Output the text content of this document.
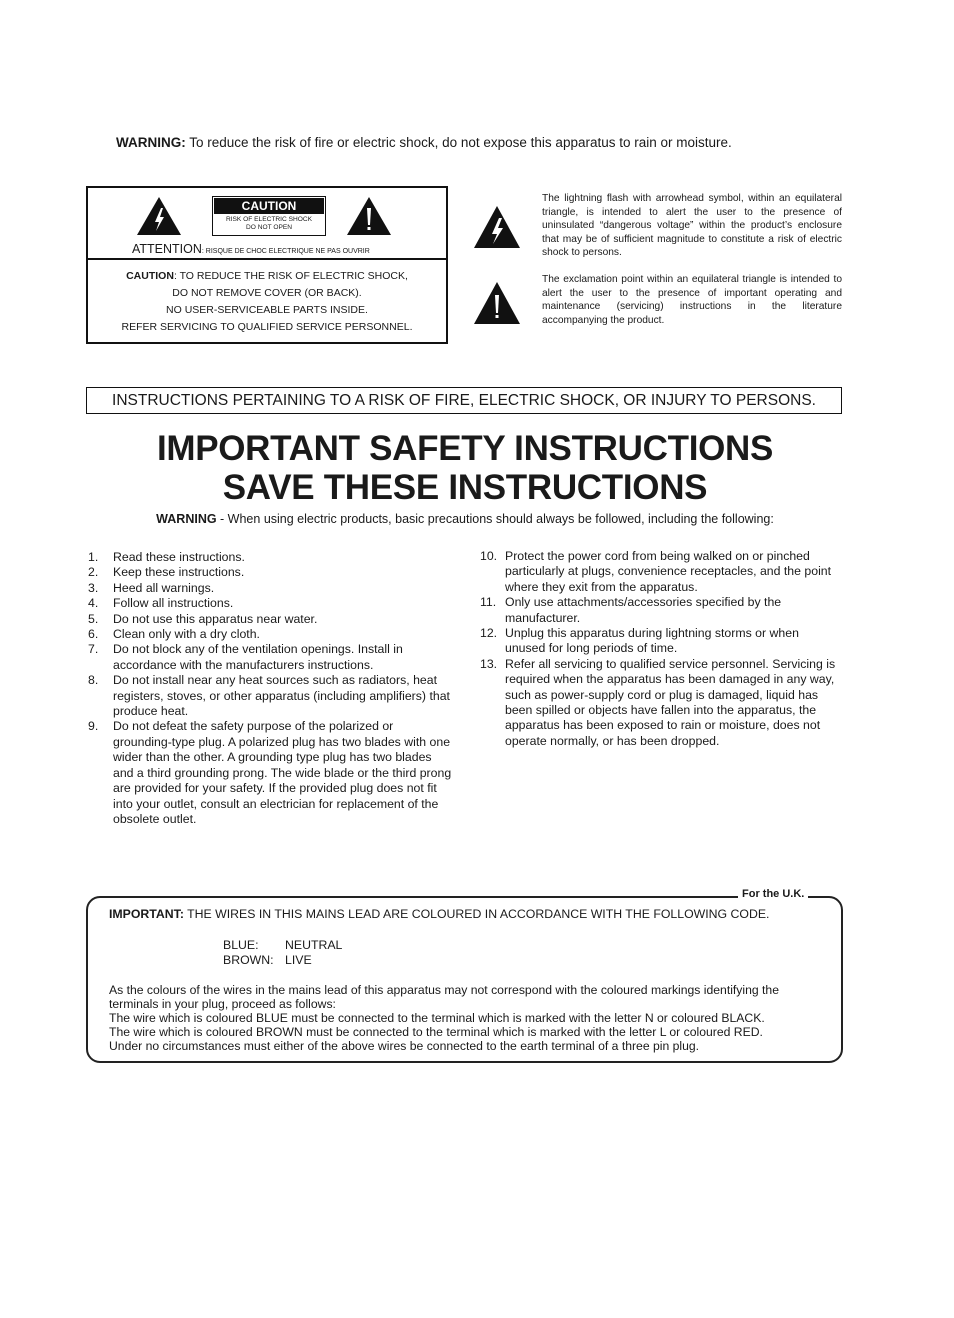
WARNING: To reduce the risk of fire or electric shock, do not expose this apparatus to rain or moisture.
CAUTION
RISK OF ELECTRIC SHOCK
DO NOT OPEN
ATTENTION: RISQUE DE CHOC ELECTRIQUE NE PAS OUVRIR
CAUTION: TO REDUCE THE RISK OF ELECTRIC SHOCK,
DO NOT REMOVE COVER (OR BACK).
NO USER-SERVICEABLE PARTS INSIDE.
REFER SERVICING TO QUALIFIED SERVICE PERSONNEL.
The lightning flash with arrowhead symbol, within an equilateral triangle, is intended to alert the user to the presence of uninsulated “dangerous voltage” within the product’s enclosure that may be of sufficient magnitude to constitute a risk of electric shock to persons.
The exclamation point within an equilateral triangle is intended to alert the user to the presence of important operating and maintenance (servicing) instructions in the literature accompanying the product.
INSTRUCTIONS PERTAINING TO A RISK OF FIRE, ELECTRIC SHOCK, OR INJURY TO PERSONS.
IMPORTANT SAFETY INSTRUCTIONS
SAVE THESE INSTRUCTIONS
WARNING - When using electric products, basic precautions should always be followed, including the following:
1. Read these instructions.
2. Keep these instructions.
3. Heed all warnings.
4. Follow all instructions.
5. Do not use this apparatus near water.
6. Clean only with a dry cloth.
7. Do not block any of the ventilation openings. Install in accordance with the manufacturers instructions.
8. Do not install near any heat sources such as radiators, heat registers, stoves, or other apparatus (including amplifiers) that produce heat.
9. Do not defeat the safety purpose of the polarized or grounding-type plug. A polarized plug has two blades with one wider than the other. A grounding type plug has two blades and a third grounding prong. The wide blade or the third prong are provided for your safety. If the provided plug does not fit into your outlet, consult an electrician for replacement of the obsolete outlet.
10. Protect the power cord from being walked on or pinched particularly at plugs, convenience receptacles, and the point where they exit from the apparatus.
11. Only use attachments/accessories specified by the manufacturer.
12. Unplug this apparatus during lightning storms or when unused for long periods of time.
13. Refer all servicing to qualified service personnel. Servicing is required when the apparatus has been damaged in any way, such as power-supply cord or plug is damaged, liquid has been spilled or objects have fallen into the apparatus, the apparatus has been exposed to rain or moisture, does not operate normally, or has been dropped.
For the U.K.
IMPORTANT: THE WIRES IN THIS MAINS LEAD ARE COLOURED IN ACCORDANCE WITH THE FOLLOWING CODE.
BLUE: NEUTRAL
BROWN: LIVE

As the colours of the wires in the mains lead of this apparatus may not correspond with the coloured markings identifying the terminals in your plug, proceed as follows:

The wire which is coloured BLUE must be connected to the terminal which is marked with the letter N or coloured BLACK.

The wire which is coloured BROWN must be connected to the terminal which is marked with the letter L or coloured RED.

Under no circumstances must either of the above wires be connected to the earth terminal of a three pin plug.
